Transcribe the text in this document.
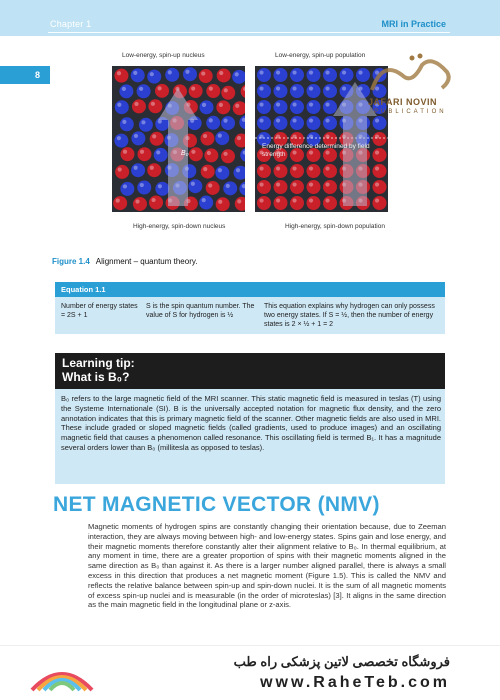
Chapter 1	MRI in Practice
8
Low-energy, spin-up nucleus	Low-energy, spin-up population
High-energy, spin-down nucleus	High-energy, spin-down population
B₀
Energy difference determined by field strength
JAFARI NOVIN
PUBLICATION
Figure 1.4 Alignment – quantum theory.
Equation 1.1
Number of energy states = 2S + 1
S is the spin quantum number. The value of S for hydrogen is ½
This equation explains why hydrogen can only possess two energy states. If S = ½, then the number of energy states is 2 × ½ + 1 = 2
Learning tip:
What is B₀?
B₀ refers to the large magnetic field of the MRI scanner. This static magnetic field is measured in teslas (T) using the Systeme Internationale (SI). B is the universally accepted notation for magnetic flux density, and the zero annotation indicates that this is primary magnetic field of the scanner. Other magnetic fields are also used in MRI. These include graded or sloped magnetic fields (called gradients, used to produce images) and an oscillating magnetic field that causes a phenomenon called resonance. This oscillating field is termed B₁. It has a magnitude several orders lower than B₀ (millitesla as opposed to teslas).
NET MAGNETIC VECTOR (NMV)
Magnetic moments of hydrogen spins are constantly changing their orientation because, due to Zeeman interaction, they are always moving between high- and low-energy states. Spins gain and lose energy, and their magnetic moments therefore constantly alter their alignment relative to B₀. In thermal equilibrium, at any moment in time, there are a greater proportion of spins with their magnetic moments aligned in the same direction as B₀ than against it. As there is a larger number aligned parallel, there is always a small excess in this direction that produces a net magnetic moment (Figure 1.5). This is called the NMV and reflects the relative balance between spin-up and spin-down nuclei. It is the sum of all magnetic moments of excess spin-up nuclei and is measurable (in the order of microteslas) [3]. It aligns in the same direction as the main magnetic field in the longitudinal plane or z-axis.
فروشگاه تخصصی لاتین پزشکی راه طب
www.RaheTeb.com
